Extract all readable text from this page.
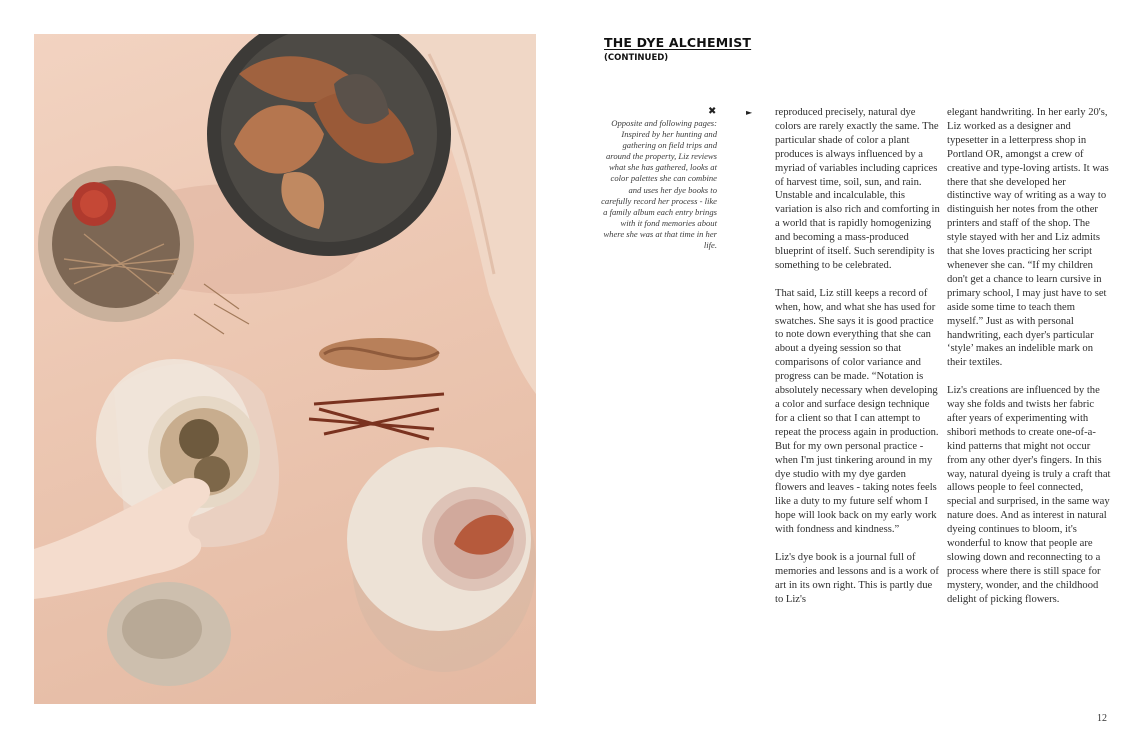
THE DYE ALCHEMIST
(CONTINUED)
✖

Opposite and following pages: Inspired by her hunting and gathering on field trips and around the property, Liz reviews what she has gathered, looks at color palettes she can combine and uses her dye books to carefully record her process - like a family album each entry brings with it fond memories about where she was at that time in her life.

► reproduced precisely, natural dye colors are rarely exactly the same. The particular shade of color a plant produces is always influenced by a myriad of variables including caprices of harvest time, soil, sun, and rain. Unstable and incalculable, this variation is also rich and comforting in a world that is rapidly homogenizing and becoming a mass-produced blueprint of itself. Such serendipity is something to be celebrated.

That said, Liz still keeps a record of when, how, and what she has used for swatches. She says it is good practice to note down everything that she can about a dyeing session so that comparisons of color variance and progress can be made. “Notation is absolutely necessary when developing a color and surface design technique for a client so that I can attempt to repeat the process again in production. But for my own personal practice - when I'm just tinkering around in my dye studio with my dye garden flowers and leaves - taking notes feels like a duty to my future self whom I hope will look back on my early work with fondness and kindness.”

Liz's dye book is a journal full of memories and lessons and is a work of art in its own right. This is partly due to Liz's

elegant handwriting. In her early 20's, Liz worked as a designer and typesetter in a letterpress shop in Portland OR, amongst a crew of creative and type-loving artists. It was there that she developed her distinctive way of writing as a way to distinguish her notes from the other printers and staff of the shop. The style stayed with her and Liz admits that she loves practicing her script whenever she can. “If my children don't get a chance to learn cursive in primary school, I may just have to set aside some time to teach them myself.” Just as with personal handwriting, each dyer's particular ‘style’ makes an indelible mark on their textiles.

Liz's creations are influenced by the way she folds and twists her fabric after years of experimenting with shibori methods to create one-of-a-kind patterns that might not occur from any other dyer's fingers. In this way, natural dyeing is truly a craft that allows people to feel connected, special and surprised, in the same way nature does. And as interest in natural dyeing continues to bloom, it's wonderful to know that people are slowing down and reconnecting to a process where there is still space for mystery, wonder, and the childhood delight of picking flowers.

12
